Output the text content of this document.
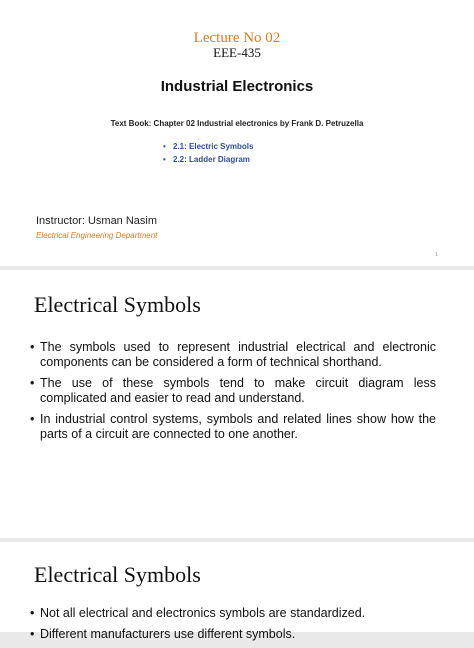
Lecture No 02
EEE-435
Industrial Electronics
Text Book: Chapter 02 Industrial electronics by Frank D. Petruzella
• 2.1: Electric Symbols
• 2.2: Ladder Diagram
Instructor: Usman Nasim
Electrical Engineering Department
1
Electrical Symbols
• The symbols used to represent industrial electrical and electronic components can be considered a form of technical shorthand.
• The use of these symbols tend to make circuit diagram less complicated and easier to read and understand.
• In industrial control systems, symbols and related lines show how the parts of a circuit are connected to one another.
Electrical Symbols
• Not all electrical and electronics symbols are standardized.
• Different manufacturers use different symbols.
